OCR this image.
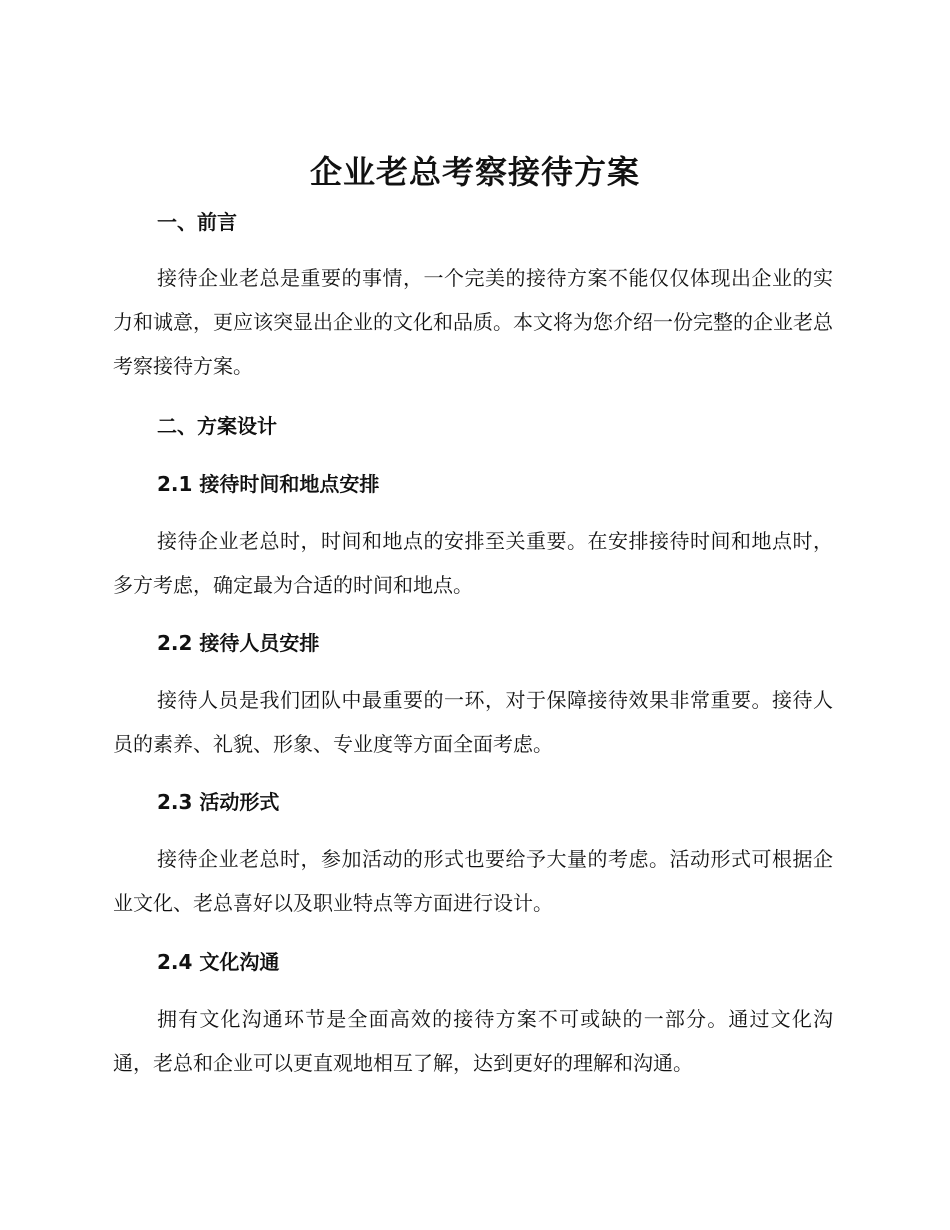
企业老总考察接待方案
一、前言

接待企业老总是重要的事情，一个完美的接待方案不能仅仅体现出企业的实力和诚意，更应该突显出企业的文化和品质。本文将为您介绍一份完整的企业老总考察接待方案。

二、方案设计
2.1 接待时间和地点安排

接待企业老总时，时间和地点的安排至关重要。在安排接待时间和地点时，多方考虑，确定最为合适的时间和地点。

2.2 接待人员安排

接待人员是我们团队中最重要的一环，对于保障接待效果非常重要。接待人员的素养、礼貌、形象、专业度等方面全面考虑。

2.3 活动形式

接待企业老总时，参加活动的形式也要给予大量的考虑。活动形式可根据企业文化、老总喜好以及职业特点等方面进行设计。

2.4 文化沟通

拥有文化沟通环节是全面高效的接待方案不可或缺的一部分。通过文化沟通，老总和企业可以更直观地相互了解，达到更好的理解和沟通。
